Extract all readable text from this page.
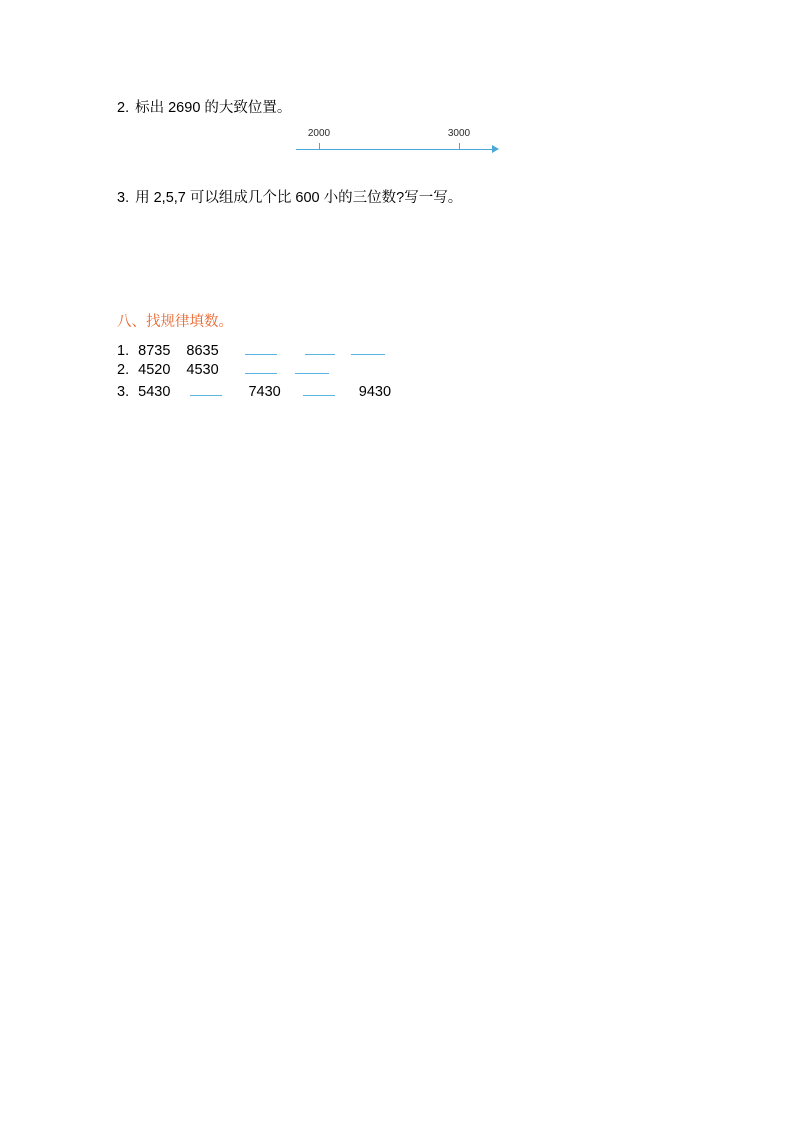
2. 标出 2690 的大致位置。
2000	3000
3. 用 2,5,7 可以组成几个比 600 小的三位数?写一写。
八、找规律填数。
1. 8735 8635
2. 4520 4530
3. 5430	7430	9430
